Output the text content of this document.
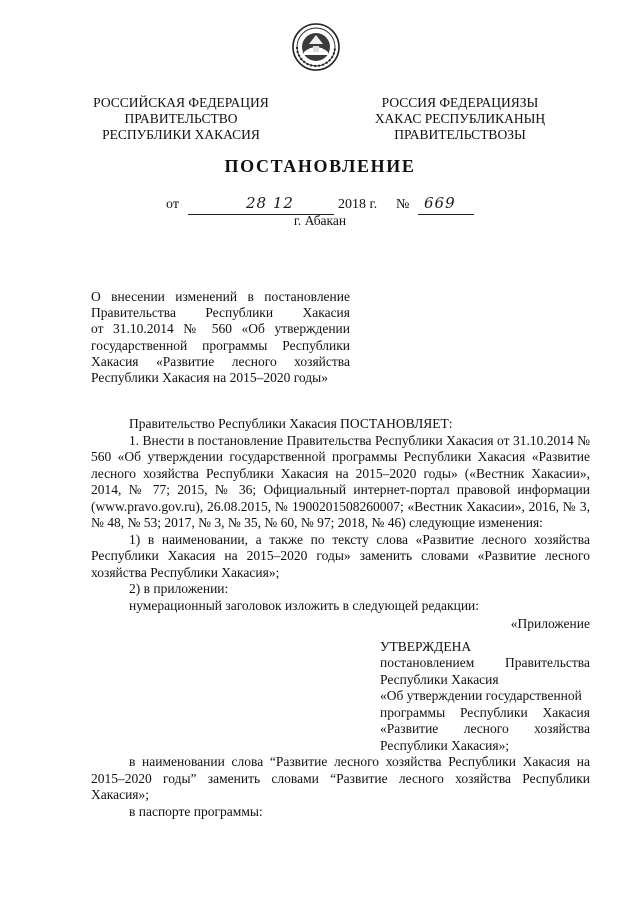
РОССИЙСКАЯ ФЕДЕРАЦИЯ
ПРАВИТЕЛЬСТВО
РЕСПУБЛИКИ ХАКАСИЯ
РОССИЯ ФЕДЕРАЦИЯЗЫ
ХАКАС РЕСПУБЛИКАНЫҢ
ПРАВИТЕЛЬСТВОЗЫ
ПОСТАНОВЛЕНИЕ
от	28 12	2018 г. № 669
г. Абакан
О внесении изменений в постановление
Правительства Республики Хакасия
от 31.10.2014 № 560 «Об утверждении
государственной программы Республики
Хакасия «Развитие лесного хозяйства
Республики Хакасия на 2015–2020 годы»

Правительство Республики Хакасия ПОСТАНОВЛЯЕТ:

1. Внести в постановление Правительства Республики Хакасия от 31.10.2014 № 560 «Об утверждении государственной программы Республики Хакасия «Развитие лесного хозяйства Республики Хакасия на 2015–2020 годы» («Вестник Хакасии», 2014, № 77; 2015, № 36; Официальный интернет-портал правовой информации (www.pravo.gov.ru), 26.08.2015, № 1900201508260007; «Вестник Хакасии», 2016, № 3, № 48, № 53; 2017, № 3, № 35, № 60, № 97; 2018, № 46) следующие изменения:

1) в наименовании, а также по тексту слова «Развитие лесного хозяйства Республики Хакасия на 2015–2020 годы» заменить словами «Развитие лесного хозяйства Республики Хакасия»;

2) в приложении:

нумерационный заголовок изложить в следующей редакции:

«Приложение
УТВЕРЖДЕНА
постановлением Правительства
Республики Хакасия
«Об утверждении государственной
программы Республики Хакасия
«Развитие лесного хозяйства
Республики Хакасия»;

в наименовании слова “Развитие лесного хозяйства Республики Хакасия на 2015–2020 годы” заменить словами “Развитие лесного хозяйства Республики Хакасия»;

в паспорте программы:
